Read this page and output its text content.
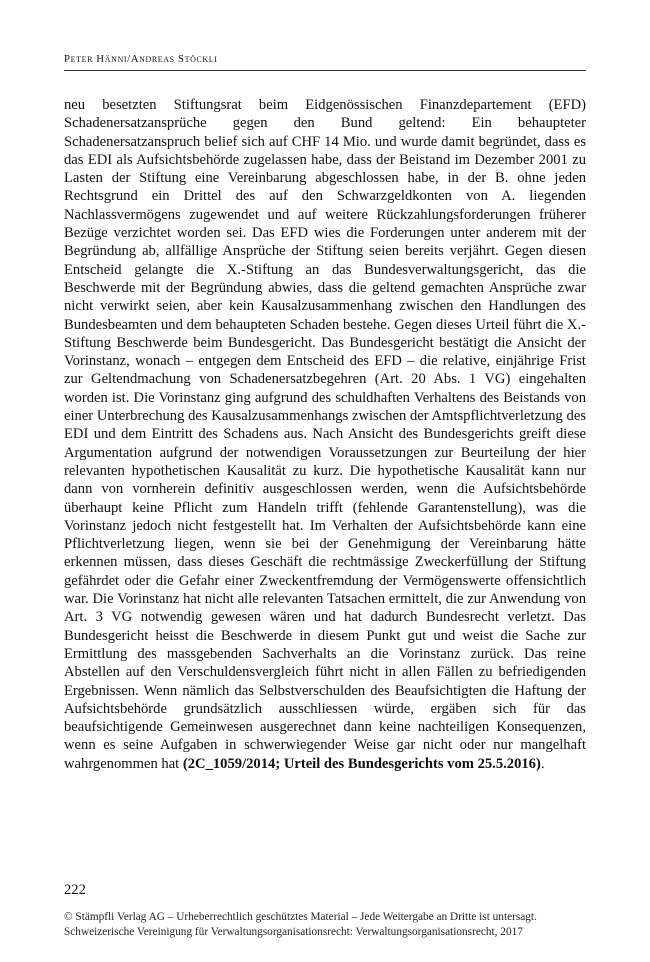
Peter Hänni/Andreas Stöckli

neu besetzten Stiftungsrat beim Eidgenössischen Finanzdepartement (EFD) Schadenersatzansprüche gegen den Bund geltend: Ein behaupteter Schadenersatzanspruch belief sich auf CHF 14 Mio. und wurde damit begründet, dass es das EDI als Aufsichtsbehörde zugelassen habe, dass der Beistand im Dezember 2001 zu Lasten der Stiftung eine Vereinbarung abgeschlossen habe, in der B. ohne jeden Rechtsgrund ein Drittel des auf den Schwarzgeldkonten von A. liegenden Nachlassvermögens zugewendet und auf weitere Rückzahlungsforderungen früherer Bezüge verzichtet worden sei. Das EFD wies die Forderungen unter anderem mit der Begründung ab, allfällige Ansprüche der Stiftung seien bereits verjährt. Gegen diesen Entscheid gelangte die X.-Stiftung an das Bundesverwaltungsgericht, das die Beschwerde mit der Begründung abwies, dass die geltend gemachten Ansprüche zwar nicht verwirkt seien, aber kein Kausalzusammenhang zwischen den Handlungen des Bundesbeamten und dem behaupteten Schaden bestehe. Gegen dieses Urteil führt die X.-Stiftung Beschwerde beim Bundesgericht. Das Bundesgericht bestätigt die Ansicht der Vorinstanz, wonach – entgegen dem Entscheid des EFD – die relative, einjährige Frist zur Geltendmachung von Schadenersatzbegehren (Art. 20 Abs. 1 VG) eingehalten worden ist. Die Vorinstanz ging aufgrund des schuldhaften Verhaltens des Beistands von einer Unterbrechung des Kausalzusammenhangs zwischen der Amtspflichtverletzung des EDI und dem Eintritt des Schadens aus. Nach Ansicht des Bundesgerichts greift diese Argumentation aufgrund der notwendigen Voraussetzungen zur Beurteilung der hier relevanten hypothetischen Kausalität zu kurz. Die hypothetische Kausalität kann nur dann von vornherein definitiv ausgeschlossen werden, wenn die Aufsichtsbehörde überhaupt keine Pflicht zum Handeln trifft (fehlende Garantenstellung), was die Vorinstanz jedoch nicht festgestellt hat. Im Verhalten der Aufsichtsbehörde kann eine Pflichtverletzung liegen, wenn sie bei der Genehmigung der Vereinbarung hätte erkennen müssen, dass dieses Geschäft die rechtmässige Zweckerfüllung der Stiftung gefährdet oder die Gefahr einer Zweckentfremdung der Vermögenswerte offensichtlich war. Die Vorinstanz hat nicht alle relevanten Tatsachen ermittelt, die zur Anwendung von Art. 3 VG notwendig gewesen wären und hat dadurch Bundesrecht verletzt. Das Bundesgericht heisst die Beschwerde in diesem Punkt gut und weist die Sache zur Ermittlung des massgebenden Sachverhalts an die Vorinstanz zurück. Das reine Abstellen auf den Verschuldensvergleich führt nicht in allen Fällen zu befriedigenden Ergebnissen. Wenn nämlich das Selbstverschulden des Beaufsichtigten die Haftung der Aufsichtsbehörde grundsätzlich ausschliessen würde, ergäben sich für das beaufsichtigende Gemeinwesen ausgerechnet dann keine nachteiligen Konsequenzen, wenn es seine Aufgaben in schwerwiegender Weise gar nicht oder nur mangelhaft wahrgenommen hat (2C_1059/2014; Urteil des Bundesgerichts vom 25.5.2016).

222
© Stämpfli Verlag AG – Urheberrechtlich geschütztes Material – Jede Weitergabe an Dritte ist untersagt.
Schweizerische Vereinigung für Verwaltungsorganisationsrecht: Verwaltungsorganisationsrecht, 2017
